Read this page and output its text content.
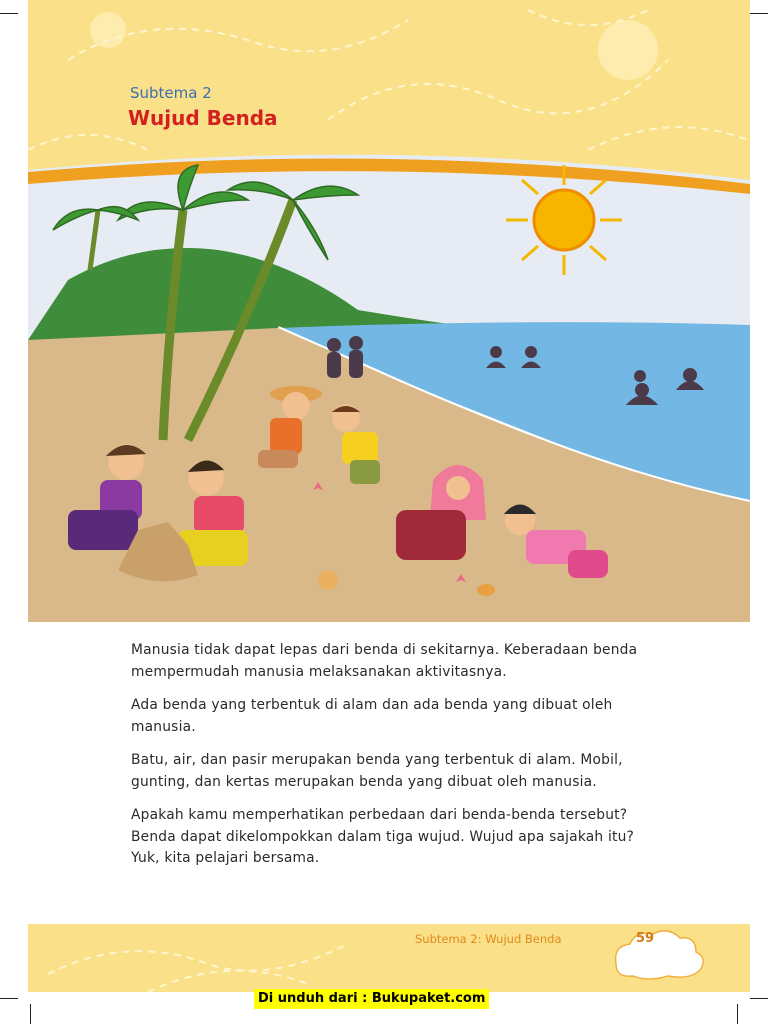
Subtema 2
Wujud Benda

Manusia tidak dapat lepas dari benda di sekitarnya. Keberadaan benda mempermudah manusia melaksanakan aktivitasnya.

Ada benda yang terbentuk di alam dan ada benda yang dibuat oleh manusia.

Batu, air, dan pasir merupakan benda yang terbentuk di alam. Mobil, gunting, dan kertas merupakan benda yang dibuat oleh manusia.

Apakah kamu memperhatikan perbedaan dari benda-benda tersebut? Benda dapat dikelompokkan dalam tiga wujud. Wujud apa sajakah itu? Yuk, kita pelajari bersama.

Subtema 2: Wujud Benda	59
Di unduh dari : Bukupaket.com
